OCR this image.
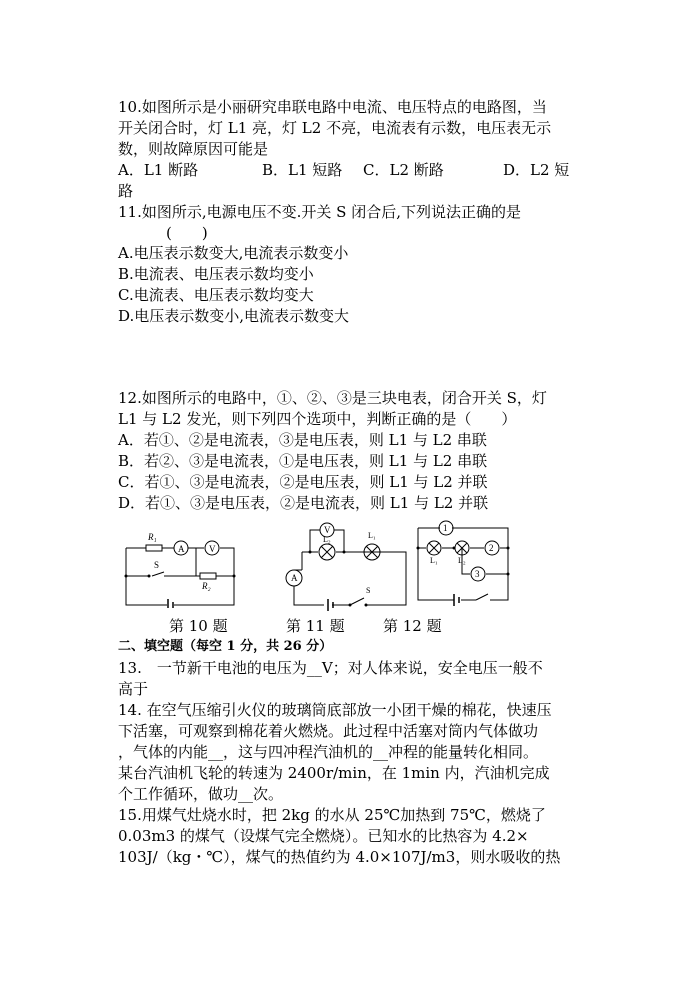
10.如图所示是小丽研究串联电路中电流、电压特点的电路图，当
开关闭合时，灯 L1 亮，灯 L2 不亮，电流表有示数，电压表无示
数，则故障原因可能是
A．L1 断路	B．L1 短路 C．L2 断路	D．L2 短
路
11.如图所示,电源电压不变.开关 S 闭合后,下列说法正确的是
(　　)
A.电压表示数变大,电流表示数变小
B.电流表、电压表示数均变小
C.电流表、电压表示数均变大
D.电压表示数变小,电流表示数变大
12.如图所示的电路中，①、②、③是三块电表，闭合开关 S，灯
L1 与 L2 发光，则下列四个选项中，判断正确的是（　　）
A．若①、②是电流表，③是电压表，则 L1 与 L2 串联
B．若②、③是电流表，①是电压表，则 L1 与 L2 串联
C．若①、③是电流表，②是电压表，则 L1 与 L2 并联
D．若①、③是电压表，②是电流表，则 L1 与 L2 并联
R₁
A	V
S
R₂
V
L₂	L₁
A
S
1
L₁	L₂
2
3
第 10 题	第 11 题	第 12 题
二、填空题（每空 1 分，共 26 分）
13.　一节新干电池的电压为__V；对人体来说，安全电压一般不
高于
14. 在空气压缩引火仪的玻璃筒底部放一小团干燥的棉花，快速压
下活塞，可观察到棉花着火燃烧。此过程中活塞对筒内气体做功
，气体的内能__，这与四冲程汽油机的__冲程的能量转化相同。
某台汽油机飞轮的转速为 2400r/min，在 1min 内，汽油机完成
个工作循环，做功__次。
15.用煤气灶烧水时，把 2kg 的水从 25℃加热到 75℃，燃烧了
0.03m3 的煤气（设煤气完全燃烧）。已知水的比热容为 4.2×
103J/（kg・℃），煤气的热值约为 4.0×107J/m3，则水吸收的热
